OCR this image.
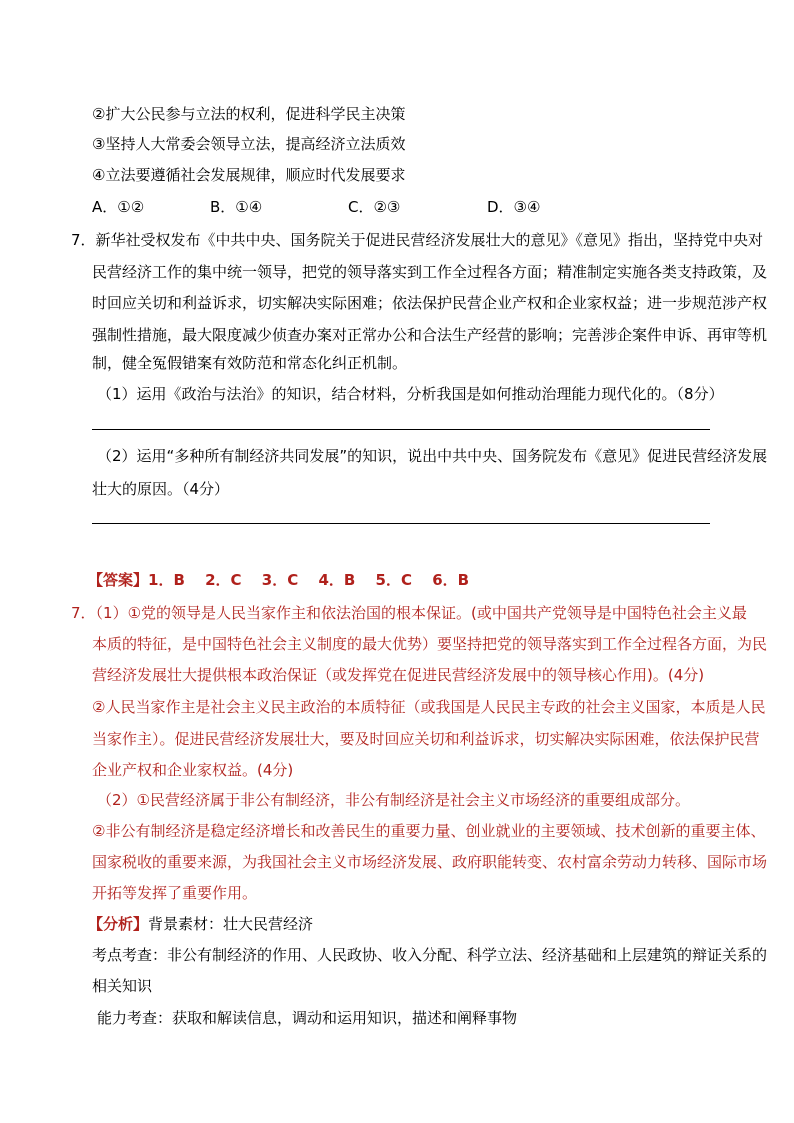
②扩大公民参与立法的权利，促进科学民主决策
③坚持人大常委会领导立法，提高经济立法质效
④立法要遵循社会发展规律，顺应时代发展要求
A．①②	B．①④	C．②③	D．③④
7．新华社受权发布《中共中央、国务院关于促进民营经济发展壮大的意见》《意见》指出，坚持党中央对
民营经济工作的集中统一领导，把党的领导落实到工作全过程各方面；精准制定实施各类支持政策，及
时回应关切和利益诉求，切实解决实际困难；依法保护民营企业产权和企业家权益；进一步规范涉产权
强制性措施，最大限度减少侦查办案对正常办公和合法生产经营的影响；完善涉企案件申诉、再审等机
制，健全冤假错案有效防范和常态化纠正机制。
（1）运用《政治与法治》的知识，结合材料，分析我国是如何推动治理能力现代化的。（8分）
（2）运用“多种所有制经济共同发展”的知识，说出中共中央、国务院发布《意见》促进民营经济发展
壮大的原因。（4分）
【答案】1．B　 2．C　 3．C　 4．B　 5．C　 6．B
7．（1）①党的领导是人民当家作主和依法治国的根本保证。(或中国共产党领导是中国特色社会主义最
本质的特征，是中国特色社会主义制度的最大优势）要坚持把党的领导落实到工作全过程各方面，为民
营经济发展壮大提供根本政治保证（或发挥党在促进民营经济发展中的领导核心作用)。(4分)
②人民当家作主是社会主义民主政治的本质特征（或我国是人民民主专政的社会主义国家，本质是人民
当家作主）。促进民营经济发展壮大，要及时回应关切和利益诉求，切实解决实际困难，依法保护民营
企业产权和企业家权益。(4分)
（2）①民营经济属于非公有制经济，非公有制经济是社会主义市场经济的重要组成部分。
②非公有制经济是稳定经济增长和改善民生的重要力量、创业就业的主要领域、技术创新的重要主体、
国家税收的重要来源，为我国社会主义市场经济发展、政府职能转变、农村富余劳动力转移、国际市场
开拓等发挥了重要作用。
【分析】背景素材：壮大民营经济
考点考查：非公有制经济的作用、人民政协、收入分配、科学立法、经济基础和上层建筑的辩证关系的
相关知识
能力考查：获取和解读信息，调动和运用知识，描述和阐释事物
